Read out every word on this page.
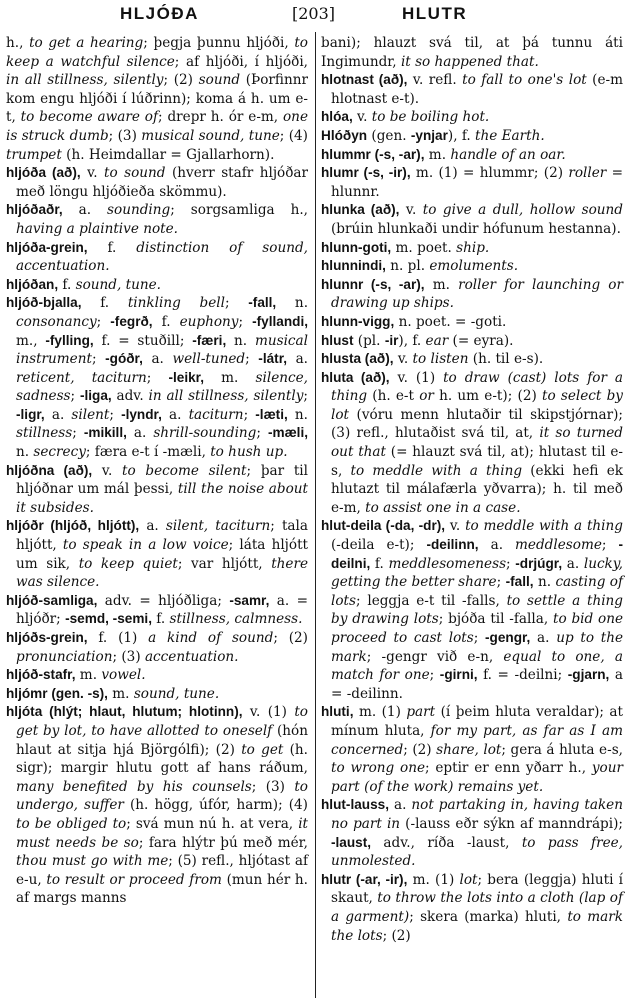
HLJÓÐA	[203]	HLUTR

h., to get a hearing; þegja þunnu hljóði, to keep a watchful silence; af hljóði, í hljóði, in all stillness, silently; (2) sound (Þorfinnr kom engu hljóði í lúðrinn); koma á h. um e-t, to become aware of; drepr h. ór e-m, one is struck dumb; (3) musical sound, tune; (4) trumpet (h. Heimdallar = Gjallarhorn).

hljóða (að), v. to sound (hverr stafr hljóðar með löngu hljóðieða skömmu).

hljóðaðr, a. sounding; sorgsamliga h., having a plaintive note.

hljóða-grein, f. distinction of sound, accentuation.

hljóðan, f. sound, tune.

hljóð-bjalla, f. tinkling bell; -fall, n. consonancy; -fegrð, f. euphony; -fyllandi, m., -fylling, f. = stuðill; -færi, n. musical instrument; -góðr, a. well-tuned; -látr, a. reticent, taciturn; -leikr, m. silence, sadness; -liga, adv. in all stillness, silently; -ligr, a. silent; -lyndr, a. taciturn; -læti, n. stillness; -mikill, a. shrill-sounding; -mæli, n. secrecy; færa e-t í -mæli, to hush up.

hljóðna (að), v. to become silent; þar til hljóðnar um mál þessi, till the noise about it subsides.

hljóðr (hljóð, hljótt), a. silent, taciturn; tala hljótt, to speak in a low voice; láta hljótt um sik, to keep quiet; var hljótt, there was silence.

hljóð-samliga, adv. = hljóðliga; -samr, a. = hljóðr; -semd, -semi, f. stillness, calmness.

hljóðs-grein, f. (1) a kind of sound; (2) pronunciation; (3) accentuation.

hljóð-stafr, m. vowel.

hljómr (gen. -s), m. sound, tune.

hljóta (hlýt; hlaut, hlutum; hlotinn), v. (1) to get by lot, to have allotted to oneself (hón hlaut at sitja hjá Björgólfi); (2) to get (h. sigr); margir hlutu gott af hans ráðum, many benefited by his counsels; (3) to undergo, suffer (h. högg, úfór, harm); (4) to be obliged to; svá mun nú h. at vera, it must needs be so; fara hlýtr þú með mér, thou must go with me; (5) refl., hljótast af e-u, to result or proceed from (mun hér h. af margs manns

bani); hlauzt svá til, at þá tunnu áti Ingimundr, it so happened that.

hlotnast (að), v. refl. to fall to one's lot (e-m hlotnast e-t).

hlóa, v. to be boiling hot.

Hlóðyn (gen. -ynjar), f. the Earth.

hlummr (-s, -ar), m. handle of an oar.

hlumr (-s, -ir), m. (1) = hlummr; (2) roller = hlunnr.

hlunka (að), v. to give a dull, hollow sound (brúin hlunkaði undir hófunum hestanna).

hlunn-goti, m. poet. ship.

hlunnindi, n. pl. emoluments.

hlunnr (-s, -ar), m. roller for launching or drawing up ships.

hlunn-vigg, n. poet. = -goti.

hlust (pl. -ir), f. ear (= eyra).

hlusta (að), v. to listen (h. til e-s).

hluta (að), v. (1) to draw (cast) lots for a thing (h. e-t or h. um e-t); (2) to select by lot (vóru menn hlutaðir til skipstjórnar); (3) refl., hlutaðist svá til, at, it so turned out that (= hlauzt svá til, at); hlutast til e-s, to meddle with a thing (ekki hefi ek hlutazt til málafærla yðvarra); h. til með e-m, to assist one in a case.

hlut-deila (-da, -dr), v. to meddle with a thing (-deila e-t); -deilinn, a. meddlesome; -deilni, f. meddlesomeness; -drjúgr, a. lucky, getting the better share; -fall, n. casting of lots; leggja e-t til -falls, to settle a thing by drawing lots; bjóða til -falla, to bid one proceed to cast lots; -gengr, a. up to the mark; -gengr við e-n, equal to one, a match for one; -girni, f. = -deilni; -gjarn, a = -deilinn.

hluti, m. (1) part (í þeim hluta veraldar); at mínum hluta, for my part, as far as I am concerned; (2) share, lot; gera á hluta e-s, to wrong one; eptir er enn yðarr h., your part (of the work) remains yet.

hlut-lauss, a. not partaking in, having taken no part in (-lauss eðr sýkn af manndrápi); -laust, adv., ríða -laust, to pass free, unmolested.

hlutr (-ar, -ir), m. (1) lot; bera (leggja) hluti í skaut, to throw the lots into a cloth (lap of a garment); skera (marka) hluti, to mark the lots; (2)
